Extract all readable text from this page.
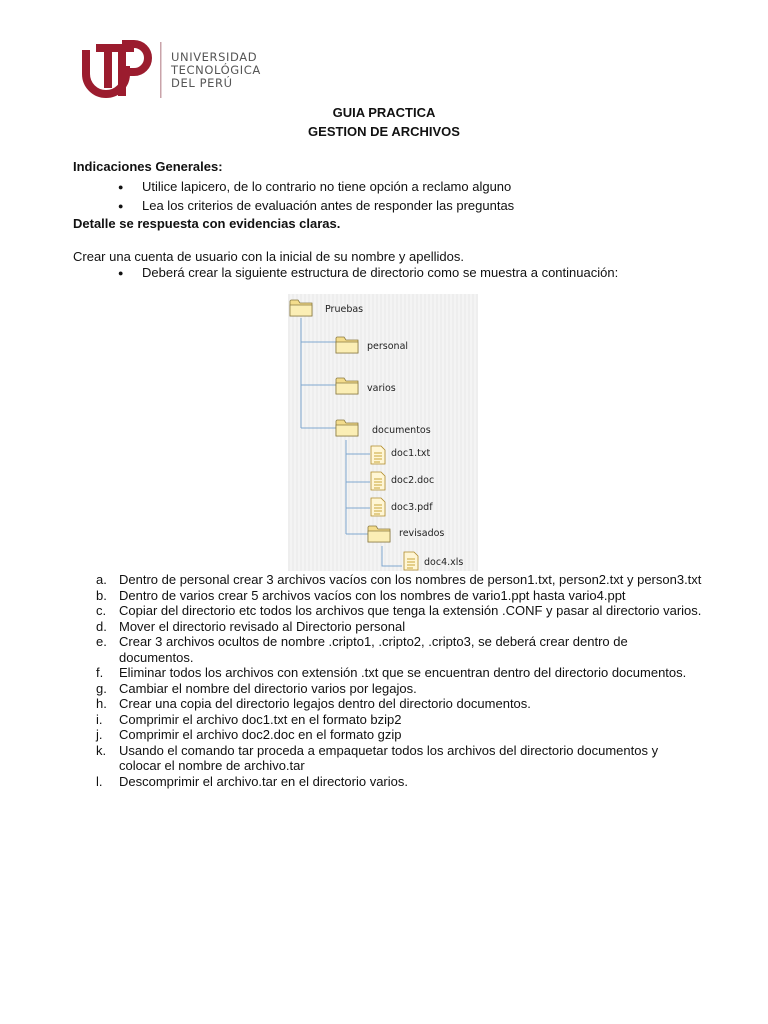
UNIVERSIDAD
TECNOLÓGICA
DEL PERÚ
GUIA PRACTICA
GESTION DE ARCHIVOS
Indicaciones Generales:
● Utilice lapicero, de lo contrario no tiene opción a reclamo alguno
● Lea los criterios de evaluación antes de responder las preguntas
Detalle se respuesta con evidencias claras.
Crear una cuenta de usuario con la inicial de su nombre y apellidos.
● Deberá crear la siguiente estructura de directorio como se muestra a continuación:
Pruebas
personal
varios
documentos
doc1.txt
doc2.doc
doc3.pdf
revisados
doc4.xls
a. Dentro de personal crear 3 archivos vacíos con los nombres de person1.txt, person2.txt y person3.txt
b. Dentro de varios crear 5 archivos vacíos con los nombres de vario1.ppt hasta vario4.ppt
c. Copiar del directorio etc todos los archivos que tenga la extensión .CONF y pasar al directorio varios.
d. Mover el directorio revisado al Directorio personal
e. Crear 3 archivos ocultos de nombre .cripto1, .cripto2, .cripto3, se deberá crear dentro de documentos.
f. Eliminar todos los archivos con extensión .txt que se encuentran dentro del directorio documentos.
g. Cambiar el nombre del directorio varios por legajos.
h. Crear una copia del directorio legajos dentro del directorio documentos.
i. Comprimir el archivo doc1.txt en el formato bzip2
j. Comprimir el archivo doc2.doc en el formato gzip
k. Usando el comando tar proceda a empaquetar todos los archivos del directorio documentos y colocar el nombre de archivo.tar
l. Descomprimir el archivo.tar en el directorio varios.
